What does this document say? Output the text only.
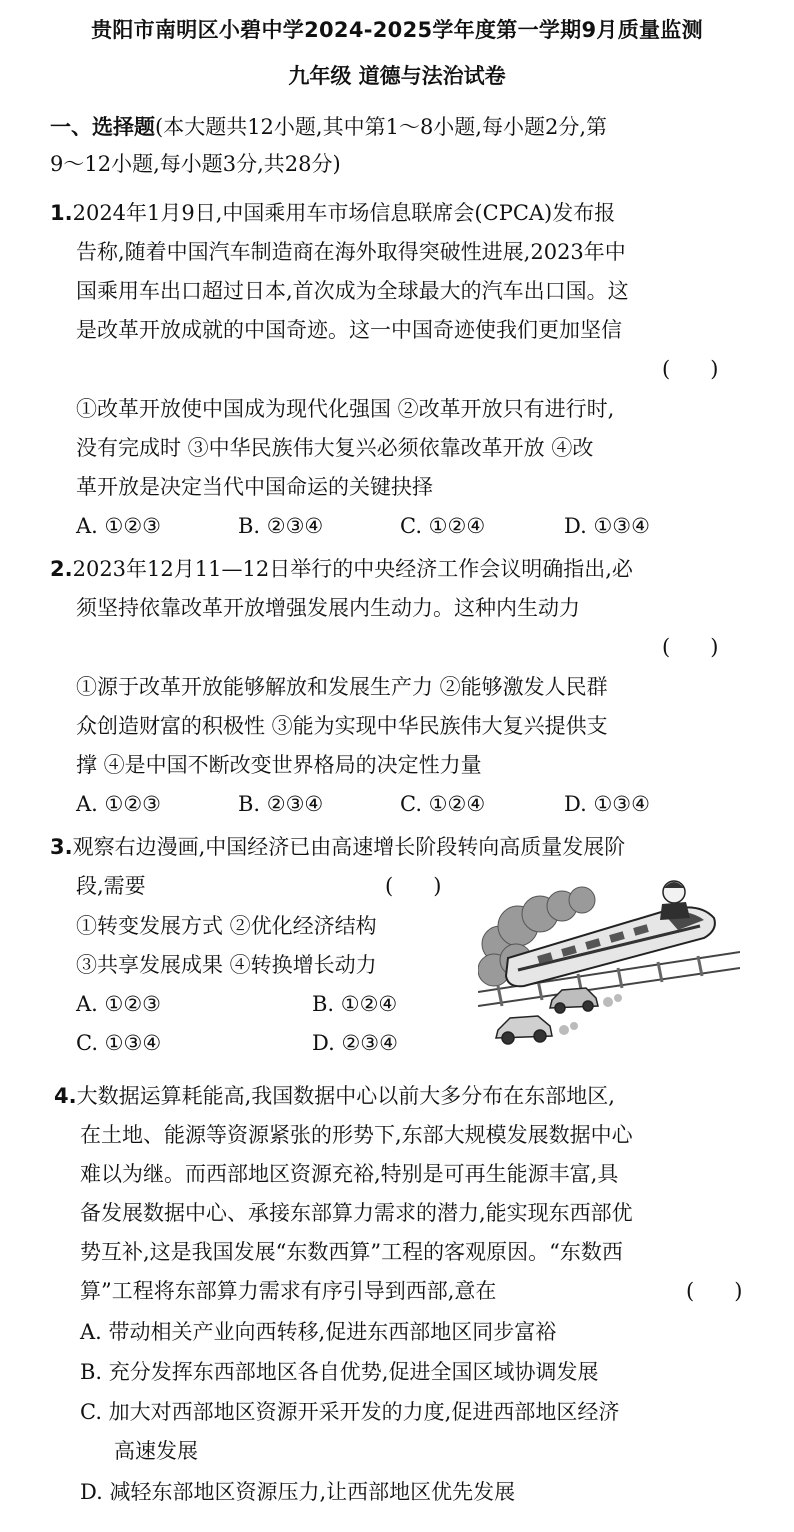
贵阳市南明区小碧中学2024-2025学年度第一学期9月质量监测
九年级 道德与法治试卷
一、选择题(本大题共12小题,其中第1～8小题,每小题2分,第
9～12小题,每小题3分,共28分)
1.2024年1月9日,中国乘用车市场信息联席会(CPCA)发布报
告称,随着中国汽车制造商在海外取得突破性进展,2023年中
国乘用车出口超过日本,首次成为全球最大的汽车出口国。这
是改革开放成就的中国奇迹。这一中国奇迹使我们更加坚信
(      )
①改革开放使中国成为现代化强国 ②改革开放只有进行时,
没有完成时 ③中华民族伟大复兴必须依靠改革开放 ④改
革开放是决定当代中国命运的关键抉择
A. ①②③	B. ②③④	C. ①②④	D. ①③④
2.2023年12月11—12日举行的中央经济工作会议明确指出,必
须坚持依靠改革开放增强发展内生动力。这种内生动力
(      )
①源于改革开放能够解放和发展生产力 ②能够激发人民群
众创造财富的积极性 ③能为实现中华民族伟大复兴提供支
撑 ④是中国不断改变世界格局的决定性力量
A. ①②③	B. ②③④	C. ①②④	D. ①③④
3.观察右边漫画,中国经济已由高速增长阶段转向高质量发展阶
段,需要	(      )
①转变发展方式 ②优化经济结构
③共享发展成果 ④转换增长动力
A. ①②③	B. ①②④
C. ①③④	D. ②③④
4.大数据运算耗能高,我国数据中心以前大多分布在东部地区,
在土地、能源等资源紧张的形势下,东部大规模发展数据中心
难以为继。而西部地区资源充裕,特别是可再生能源丰富,具
备发展数据中心、承接东部算力需求的潜力,能实现东西部优
势互补,这是我国发展“东数西算”工程的客观原因。“东数西
算”工程将东部算力需求有序引导到西部,意在	(      )
A. 带动相关产业向西转移,促进东西部地区同步富裕
B. 充分发挥东西部地区各自优势,促进全国区域协调发展
C. 加大对西部地区资源开采开发的力度,促进西部地区经济
高速发展
D. 减轻东部地区资源压力,让西部地区优先发展
